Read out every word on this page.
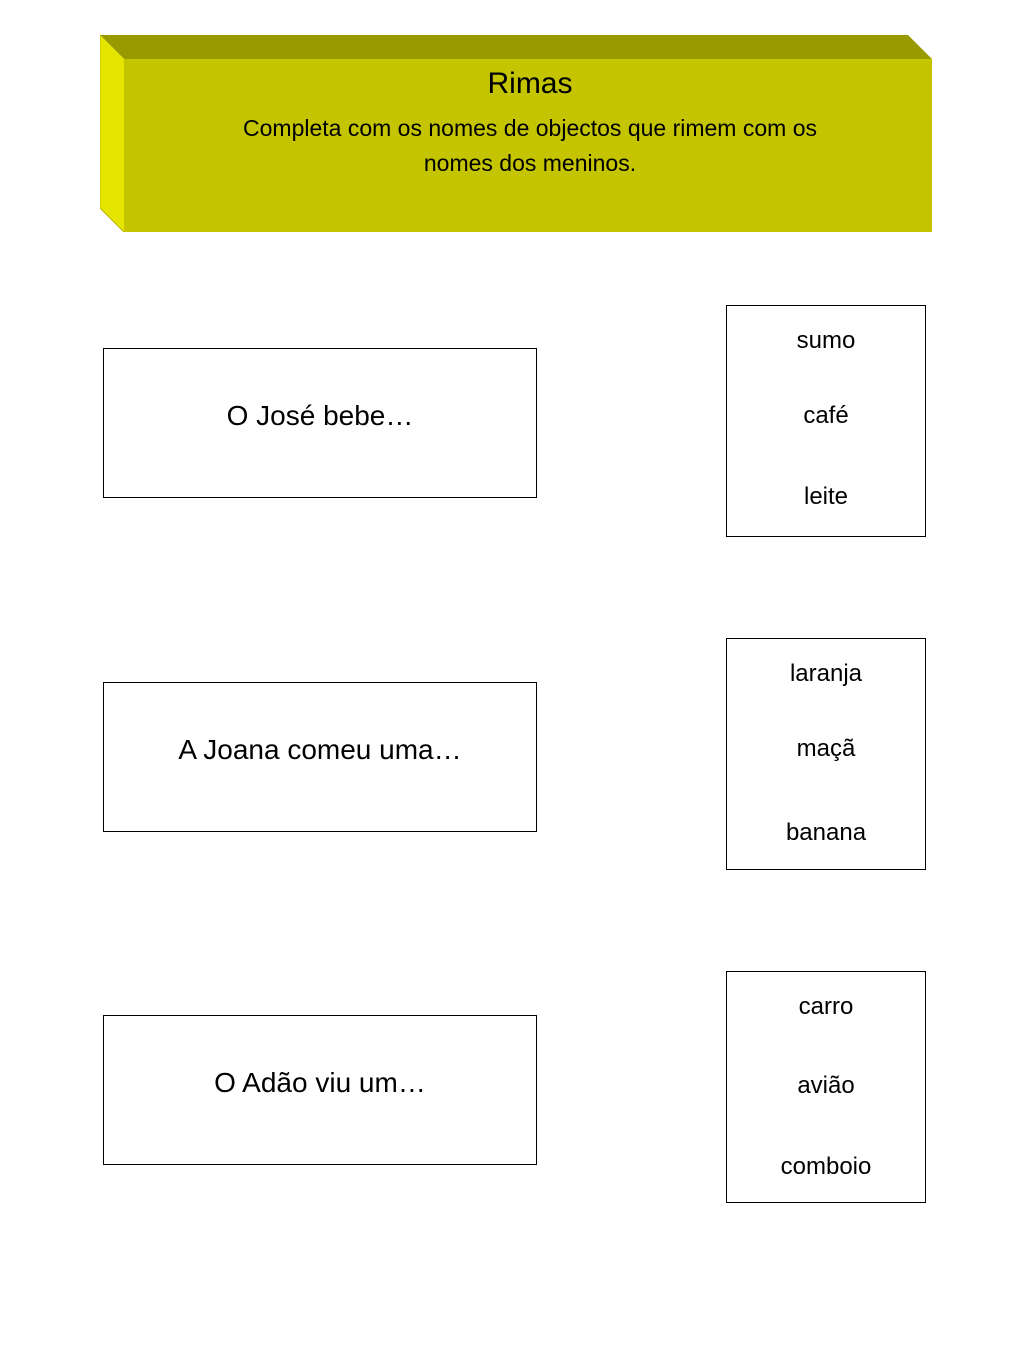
Rimas
Completa com os nomes de objectos que rimem com os nomes dos meninos.
O José bebe…
sumo
café
leite
A Joana comeu uma…
laranja
maçã
banana
O Adão viu um…
carro
avião
comboio
